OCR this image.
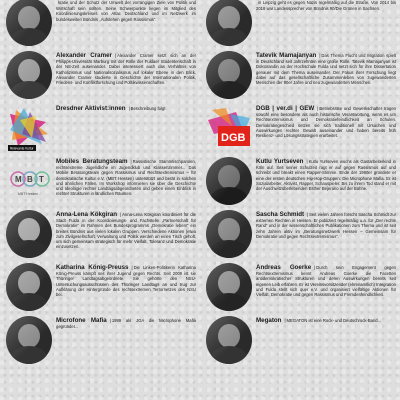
kratie und der Schutz der Umwelt der vorrangigen Ziele von Politik und Wirtschaft sein sollten. Seine Schwerpunkte liegen im Mitglied des Koordinierungskreises von Attac Deutschland und im Netzwerk im bundesweiten Bündnis „Aufstehen gegen Rassismus“.
in Leipzig geht es gegen Nazis regelmäßig auf die Straße. Von 2014 bis 2018 war Landessprecher von Bündnis 90/Die Grünen in Sachsen.
Alexander Cramer |Alexander Cramer setzt sich an der Philipps-Universität Marburg mit der Rolle der Fuldaer Studentenschaft in der NS-Zeit auseinander. Dabei interessiert auch das Verhältnis von Katholizismus und Nationalsozialismus auf lokaler Ebene in den Blick. Alexander Cramer studierte in Geschichte der Internationalen Politik, Friedens- und Konfliktforschung und Politikwissenschaften.
Tatevik Mamajanyan |Das Thema Flucht und Migration spielt in Deutschland seit Jahrzehnten eine große Rolle. Tatevik Mamajanyan ist Doktorandin an der Hochschule Fulda und setzt sich für ihre Dissertation genauer mit dem Thema auseinander. Der Fokus ihrer Forschung liegt dabei auf das gesellschaftliche Zusammenleben von zugewanderten Menschen der 90er Jahre und neu zugewanderten Menschen.
Relevante Kultur
Dresdner Aktivist:innen |Beschreibung folgt
DGB
DGB | ver.di | GEW |Betriebsräte und Gewerkschafter tragen sowohl eine besondere als auch historische Verantwortung, wenn es um Rechtsextremismus und Demokratiefeindlichkeit an Schulen. Demokratiegeschied setzen sie sich traditionell mit Ursachen und Auswirkungen rechter Gewalt auseinander und haben bereits früh Resilienz- und Lösungsstrategien erarbeitet.
M B T
MBT Hessen
Mobiles Beratungsteam |Rassistische Stammtischparolen, rechtsextreme Jugendliche im Jugendklub und Klassenzimmer... Das Mobile Beratungsteam gegen Rassismus und Rechtsextremismus – für demokratische Kultur e.V. (MBT Hessen) unterstützt und berät in solchen und ähnlichen Fällen. Im Workshop informieren sie über die Geschichte und Ideologie rechter Landtagsabgeordneten und geben einen Einblick in rechter Strukturen in ländlichen Räumen.
Kutlu Yurtseven |Kutlu Yurtseven wuchs als Gastarbeiterkind in Köln auf. Seit seiner Schulzeit ragt er auf gegen Rassismus auf und schreibt und breakt einen Rapper-Stimme. Ende der 1980er gründete er eine der ersten deutschen Hip-Hop-Gruppen: Die Microphone Mafia. Er ist Sozialarbeiter, Aktivist, Rapper, Schauspieler. Bis zu ihrem Tod stand er mit der Auschwitzüberlebenden Esther Bejerano auf der Bühne.
Anna-Lena Kökgiran |Anna-Lena Kökgiran koordiniert für die Stadt Fulda in der Koordinierungs- und Fachstelle „Partnerschaft für Demokratie“ im Rahmen des Bundesprogramms „Demokratie leben!“ ein breites Bündnis aus vielen lokalen Gruppen. Verschiedene Aktionen (etwa zum Zivilgesellschaft, Verwaltung und Politik werden an einen Tisch geholt, um sich gemeinsam strategisch für mehr Vielfalt, Toleranz und Demokratie einzusetzen.
Sascha Schmidt |Seit vielen Jahren forscht Sascha Schmidt zur extremen Rechten in Hessen. Er publiziert regelmäßig u.a. für „Der rechte Rand“ und in der wissenschaftlichen Publikationen zum Thema und ist seit zehn Jahren aktiv im „Beratungsnetzwerk Hessen – Gemeinsam für Demokratie und gegen Rechtsextremismus“.
Katharina König-Preuss |Die Linken-Politikerin Katharina König-Preuss kämpft seit ihrer Jugend gegen Rechts. Seit 2009 ist sie Thüringer Landtagsabgeordnete. Sie gehörte den NSU-Untersuchungsausschüssen des Thüringer Landtags an und trug zur Aufklärung der Hintergründe des rechtsextremen Terrornetzes des NSU bei.
Andreas Goerke |Durch sein Engagement gegen Rechtsextremismus kennt Andreas Goerke die Facetten antidemokratischer Strukturen und deren Auswirkungen bereits seit eigenen Leib erfahren. Er ist Vereinsvorsitzender (ehrenamtlich) Integration und Fulda stellt sich quer e.V. und organisiert vielfältige Aktionen für Vielfalt, Demokratie und gegen Rassismus und Fremdenfeindlichkeit.
Microfone Mafia |1989 als JGA die Microphone Mafia gegründet...
Megaton |MEGATON ist eine Rock- und Deutschrock-Band...
